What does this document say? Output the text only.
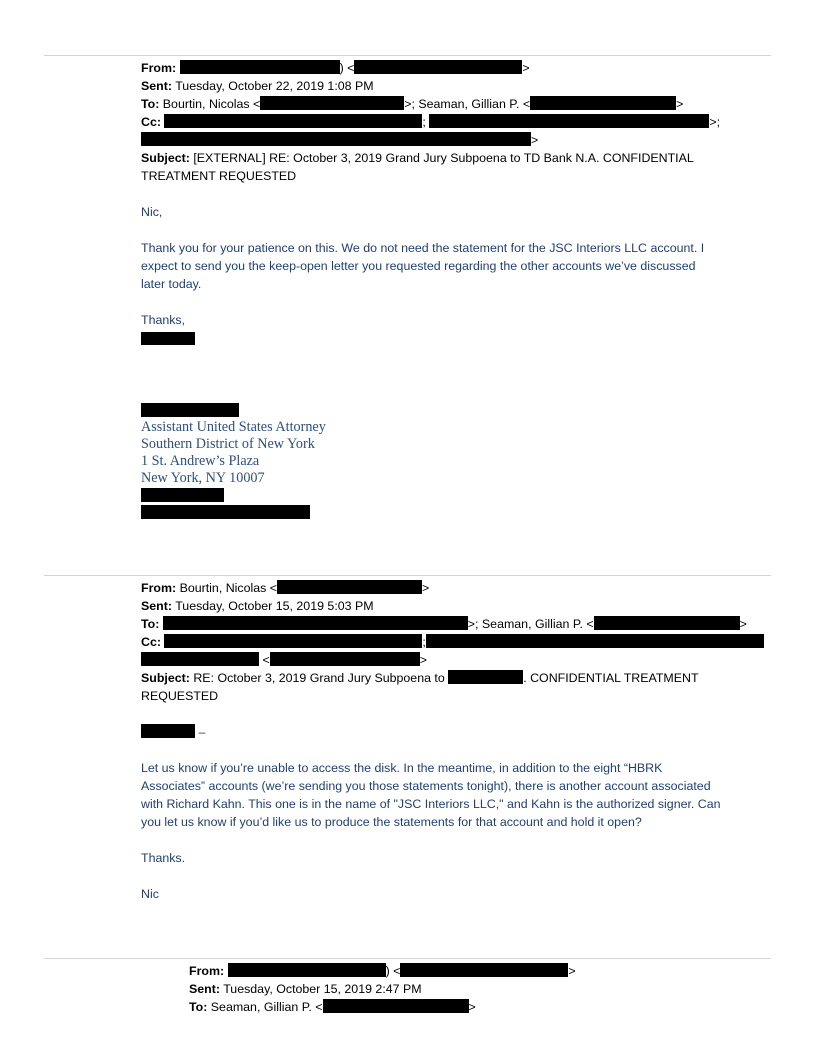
From:	) <	>
Sent: Tuesday, October 22, 2019 1:08 PM
To: Bourtin, Nicolas <	>; Seaman, Gillian P. <	>
Cc:	;	>;
>
Subject: [EXTERNAL] RE: October 3, 2019 Grand Jury Subpoena to TD Bank N.A. CONFIDENTIAL
TREATMENT REQUESTED
Nic,
Thank you for your patience on this. We do not need the statement for the JSC Interiors LLC account. I
expect to send you the keep-open letter you requested regarding the other accounts we’ve discussed
later today.
Thanks,
Assistant United States Attorney
Southern District of New York
1 St. Andrew’s Plaza
New York, NY 10007
From: Bourtin, Nicolas <	>
Sent: Tuesday, October 15, 2019 5:03 PM
To:	>; Seaman, Gillian P. <	>
Cc:	;
<	>
Subject: RE: October 3, 2019 Grand Jury Subpoena to	. CONFIDENTIAL TREATMENT
REQUESTED
–
Let us know if you’re unable to access the disk. In the meantime, in addition to the eight “HBRK
Associates” accounts (we’re sending you those statements tonight), there is another account associated
with Richard Kahn. This one is in the name of "JSC Interiors LLC," and Kahn is the authorized signer. Can
you let us know if you’d like us to produce the statements for that account and hold it open?
Thanks.
Nic
From:	) <	>
Sent: Tuesday, October 15, 2019 2:47 PM
To: Seaman, Gillian P. <	>
